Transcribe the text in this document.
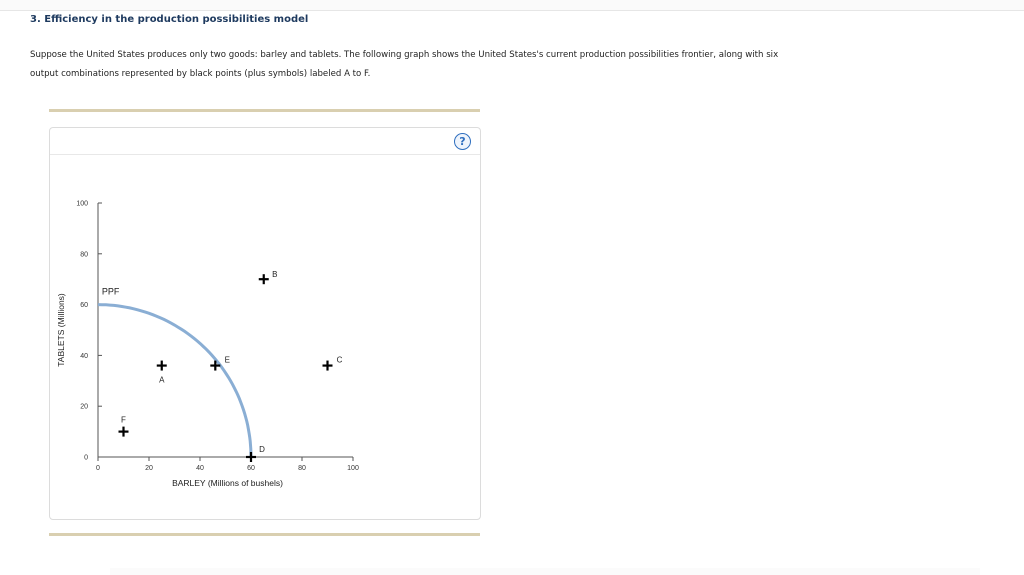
3. Efficiency in the production possibilities model
Suppose the United States produces only two goods: barley and tablets. The following graph shows the United States's current production possibilities frontier, along with six output combinations represented by black points (plus symbols) labeled A to F.
?
0	20	40	60	80	100
0
20
40
60
80
100
PPF
A
B
C
D
E
F
BARLEY (Millions of bushels)
TABLETS (Millions)
